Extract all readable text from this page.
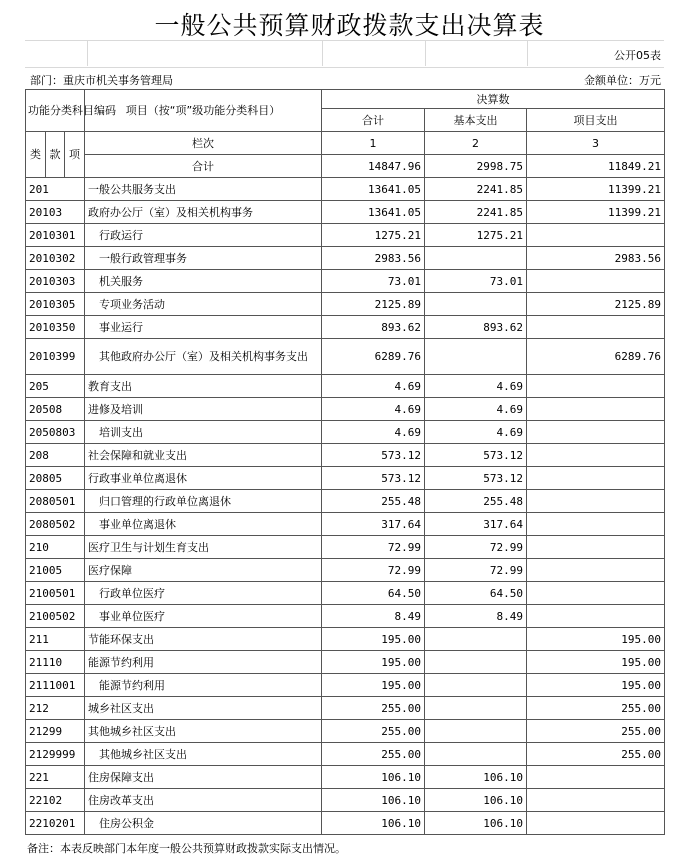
一般公共预算财政拨款支出决算表
公开05表
部门：重庆市机关事务管理局	金额单位：万元
功能分类科目编码			项目（按“项”级功能分类科目）	决算数		
				合计	基本支出	项目支出
类	款	项	栏次	1	2	3
			合计	14847.96	2998.75	11849.21
201			一般公共服务支出	13641.05	2241.85	11399.21
20103			政府办公厅（室）及相关机构事务	13641.05	2241.85	11399.21
2010301			行政运行	1275.21	1275.21	
2010302			一般行政管理事务	2983.56		2983.56
2010303			机关服务	73.01	73.01	
2010305			专项业务活动	2125.89		2125.89
2010350			事业运行	893.62	893.62	
2010399			其他政府办公厅（室）及相关机构事务支出	6289.76		6289.76
205			教育支出	4.69	4.69	
20508			进修及培训	4.69	4.69	
2050803			培训支出	4.69	4.69	
208			社会保障和就业支出	573.12	573.12	
20805			行政事业单位离退休	573.12	573.12	
2080501			归口管理的行政单位离退休	255.48	255.48	
2080502			事业单位离退休	317.64	317.64	
210			医疗卫生与计划生育支出	72.99	72.99	
21005			医疗保障	72.99	72.99	
2100501			行政单位医疗	64.50	64.50	
2100502			事业单位医疗	8.49	8.49	
211			节能环保支出	195.00		195.00
21110			能源节约利用	195.00		195.00
2111001			能源节约利用	195.00		195.00
212			城乡社区支出	255.00		255.00
21299			其他城乡社区支出	255.00		255.00
2129999			其他城乡社区支出	255.00		255.00
221			住房保障支出	106.10	106.10	
22102			住房改革支出	106.10	106.10	
2210201			住房公积金	106.10	106.10	
备注：本表反映部门本年度一般公共预算财政拨款实际支出情况。
